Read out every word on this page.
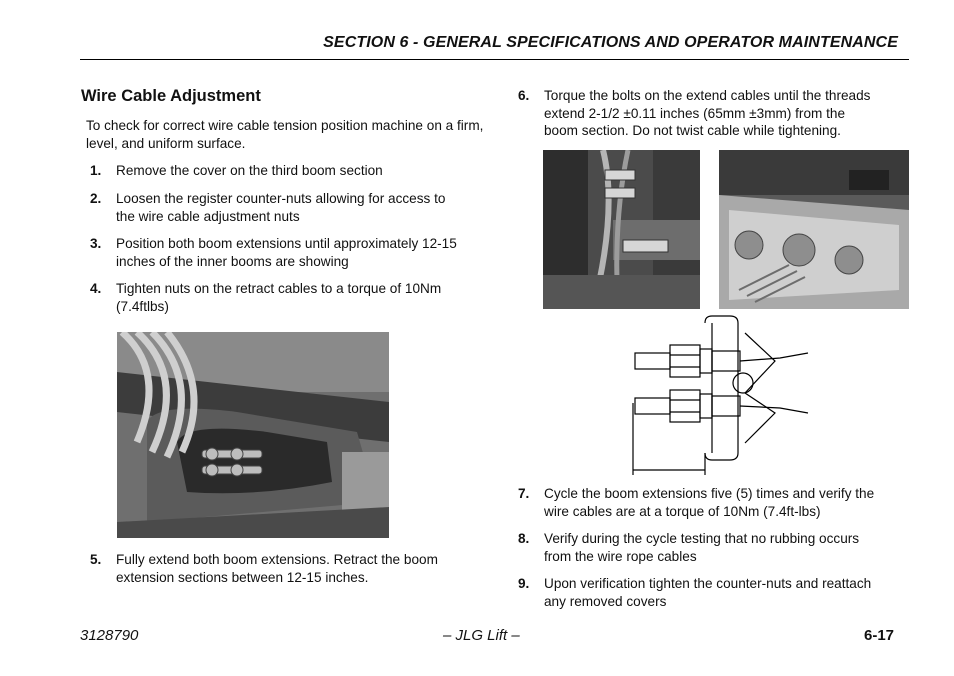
SECTION 6 - GENERAL SPECIFICATIONS AND OPERATOR MAINTENANCE
Wire Cable Adjustment
To check for correct wire cable tension position machine on a firm, level, and uniform surface.
1. Remove the cover on the third boom section
2. Loosen the register counter-nuts allowing for access to
the wire cable adjustment nuts
3. Position both boom extensions until approximately 12-15
inches of the inner booms are showing
4. Tighten nuts on the retract cables to a torque of 10Nm
(7.4ftlbs)
5. Fully extend both boom extensions. Retract the boom
extension sections between 12-15 inches.
6. Torque the bolts on the extend cables until the threads
extend 2-1/2 ±0.11 inches (65mm ±3mm) from the
boom section. Do not twist cable while tightening.
7. Cycle the boom extensions five (5) times and verify the
wire cables are at a torque of 10Nm (7.4ft-lbs)
8. Verify during the cycle testing that no rubbing occurs
from the wire rope cables
9. Upon verification tighten the counter-nuts and reattach
any removed covers
3128790	– JLG Lift –	6-17
